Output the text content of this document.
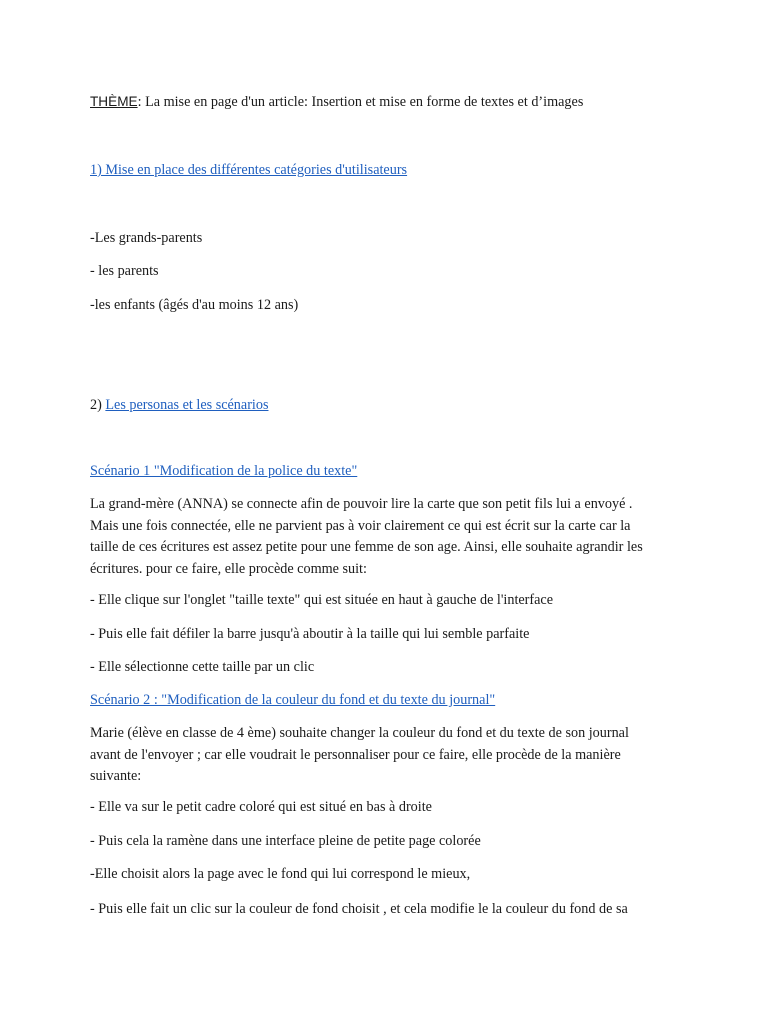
THÈME: La mise en page d'un article: Insertion et mise en forme de textes et d’images
1) Mise en place des différentes catégories d'utilisateurs
-Les grands-parents
- les parents
-les enfants (âgés d'au moins 12 ans)
2) Les personas et les scénarios
Scénario 1 "Modification de la police du texte"
La grand-mère (ANNA) se connecte afin de pouvoir lire la carte que son petit fils lui a envoyé .
Mais une fois connectée, elle ne parvient pas à voir clairement ce qui est écrit sur la carte car la
taille de ces écritures est assez petite pour une femme de son age. Ainsi, elle souhaite agrandir les
écritures. pour ce faire, elle procède comme suit:
- Elle clique sur l'onglet "taille texte" qui est située en haut à gauche de l'interface
- Puis elle fait défiler la barre jusqu'à aboutir à la taille qui lui semble parfaite
- Elle sélectionne cette taille par un clic
Scénario 2 : "Modification de la couleur du fond et du texte du journal"
Marie (élève en classe de 4 ème) souhaite changer la couleur du fond et du texte de son journal
avant de l'envoyer ; car elle voudrait le personnaliser pour ce faire, elle procède de la manière
suivante:
- Elle va sur le petit cadre coloré qui est situé en bas à droite
- Puis cela la ramène dans une interface pleine de petite page colorée
-Elle choisit alors la page avec le fond qui lui correspond le mieux,
- Puis elle fait un clic sur la couleur de fond choisit , et cela modifie le la couleur du fond de sa
